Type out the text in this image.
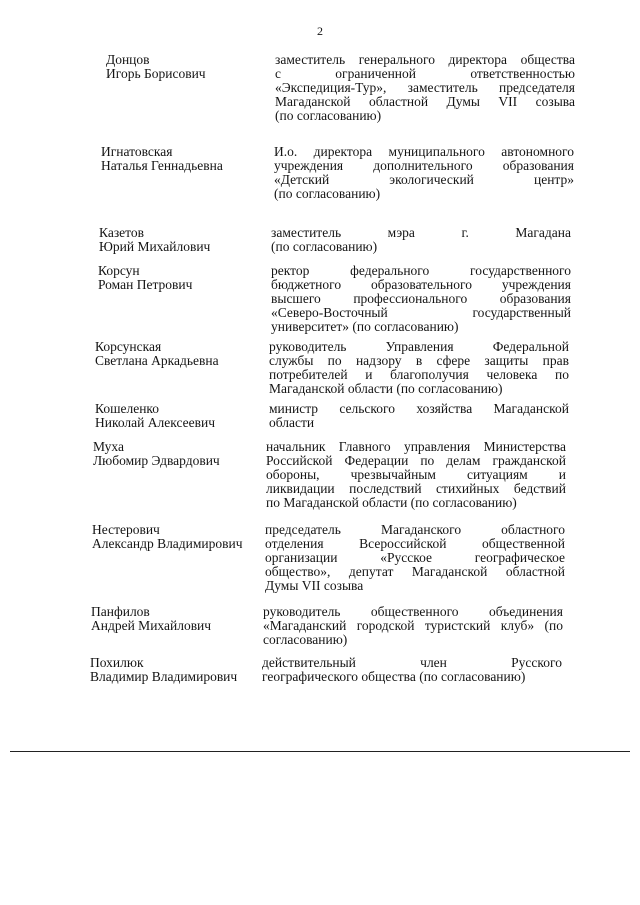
2
Донцов
Игорь Борисович
заместитель генерального директора общества
с ограниченной ответственностью
«Экспедиция-Тур», заместитель председателя
Магаданской областной Думы VII созыва
(по согласованию)
Игнатовская
Наталья Геннадьевна
И.о. директора муниципального автономного
учреждения дополнительного образования
«Детский экологический центр»
(по согласованию)
Казетов
Юрий Михайлович
заместитель мэра г. Магадана
(по согласованию)
Корсун
Роман Петрович
ректор федерального государственного
бюджетного образовательного учреждения
высшего профессионального образования
«Северо-Восточный государственный
университет» (по согласованию)
Корсунская
Светлана Аркадьевна
руководитель Управления Федеральной
службы по надзору в сфере защиты прав
потребителей и благополучия человека по
Магаданской области (по согласованию)
Кошеленко
Николай Алексеевич
министр сельского хозяйства Магаданской
области
Муха
Любомир Эдвардович
начальник Главного управления Министерства
Российской Федерации по делам гражданской
обороны, чрезвычайным ситуациям и
ликвидации последствий стихийных бедствий
по Магаданской области (по согласованию)
Нестерович
Александр Владимирович
председатель Магаданского областного
отделения Всероссийской общественной
организации «Русское географическое
общество», депутат Магаданской областной
Думы VII созыва
Панфилов
Андрей Михайлович
руководитель общественного объединения
«Магаданский городской туристский клуб» (по
согласованию)
Похилюк
Владимир Владимирович
действительный член Русского
географического общества (по согласованию)
